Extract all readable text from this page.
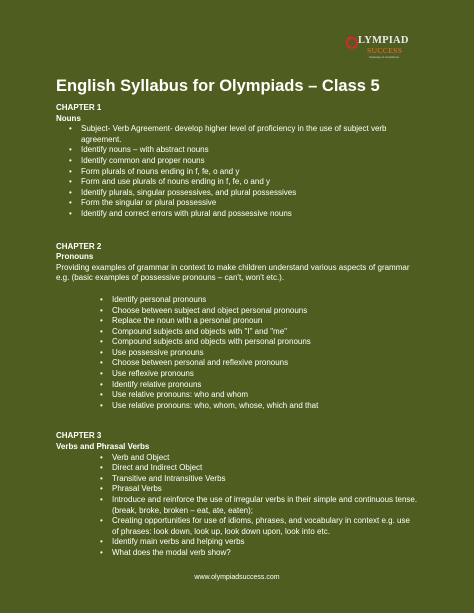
LYMPIAD
SUCCESS
Gateway of excellence
English Syllabus for Olympiads – Class 5
CHAPTER 1
Nouns
• Subject- Verb Agreement- develop higher level of proficiency in the use of subject verb agreement.
• Identify nouns – with abstract nouns
• Identify common and proper nouns
• Form plurals of nouns ending in f, fe, o and y
• Form and use plurals of nouns ending in f, fe, o and y
• Identify plurals, singular possessives, and plural possessives
• Form the singular or plural possessive
• Identify and correct errors with plural and possessive nouns
CHAPTER 2
Pronouns

Providing examples of grammar in context to make children understand various aspects of grammar e.g. (basic examples of possessive pronouns – can't, won't etc.).

• Identify personal pronouns
• Choose between subject and object personal pronouns
• Replace the noun with a personal pronoun
• Compound subjects and objects with "I" and "me"
• Compound subjects and objects with personal pronouns
• Use possessive pronouns
• Choose between personal and reflexive pronouns
• Use reflexive pronouns
• Identify relative pronouns
• Use relative pronouns: who and whom
• Use relative pronouns: who, whom, whose, which and that
CHAPTER 3
Verbs and Phrasal Verbs
• Verb and Object
• Direct and Indirect Object
• Transitive and Intransitive Verbs
• Phrasal Verbs
• Introduce and reinforce the use of irregular verbs in their simple and continuous tense. (break, broke, broken – eat, ate, eaten);
• Creating opportunities for use of idioms, phrases, and vocabulary in context e.g. use of phrases: look down, look up, look down upon, look into etc.
• Identify main verbs and helping verbs
• What does the modal verb show?
www.olympiadsuccess.com
